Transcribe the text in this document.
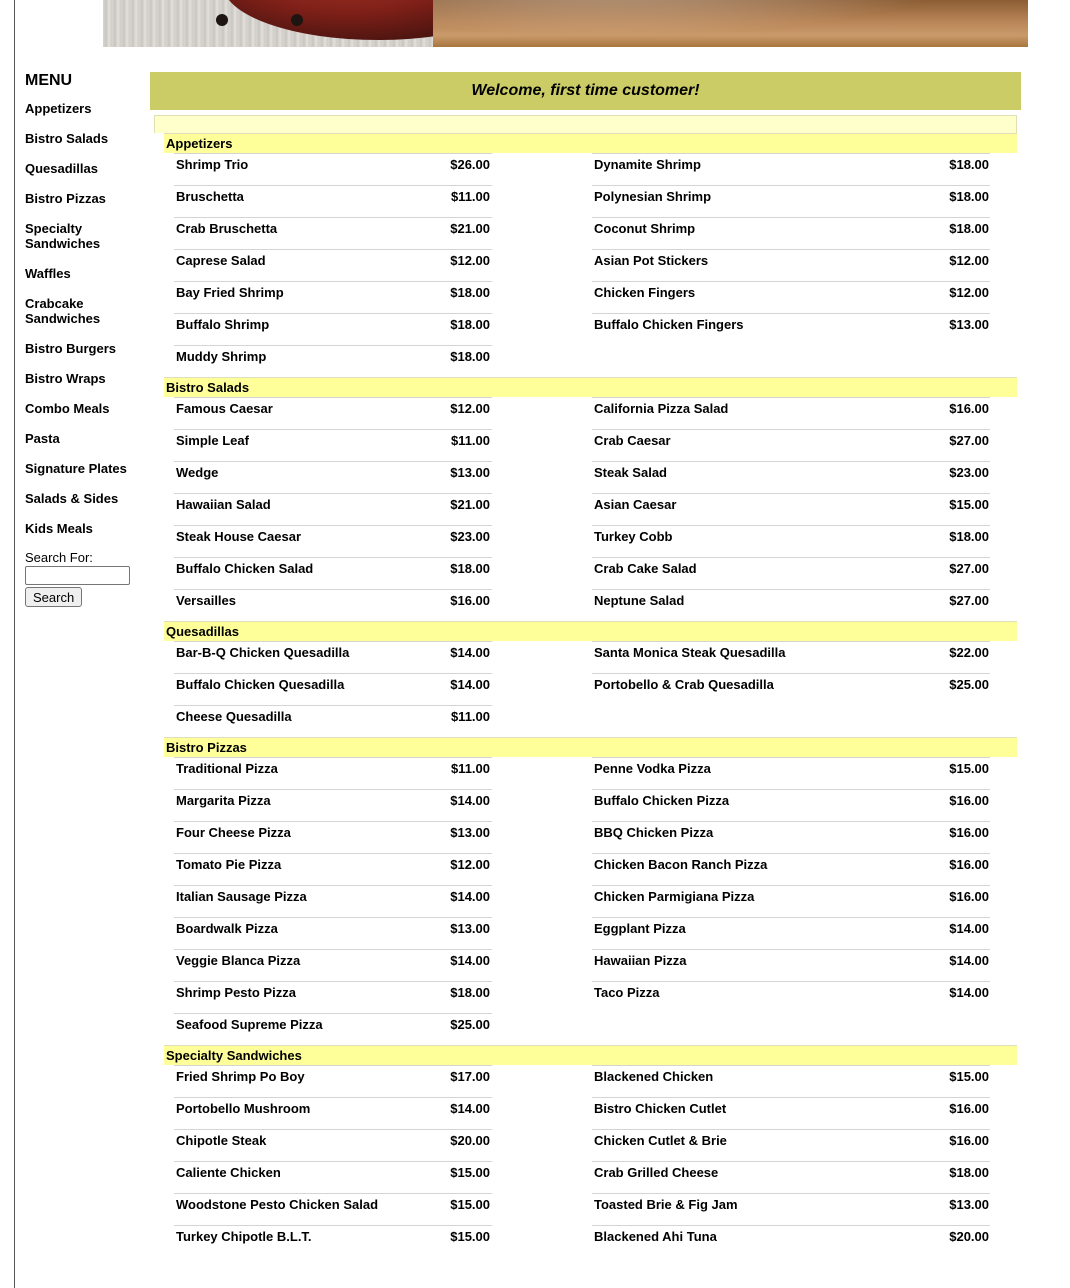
MENU
Appetizers
Bistro Salads
Quesadillas
Bistro Pizzas
Specialty Sandwiches
Waffles
Crabcake Sandwiches
Bistro Burgers
Bistro Wraps
Combo Meals
Pasta
Signature Plates
Salads & Sides
Kids Meals
Search For:
Search
Welcome, first time customer!
Appetizers
Shrimp Trio	$26.00	Dynamite Shrimp	$18.00
Bruschetta	$11.00	Polynesian Shrimp	$18.00
Crab Bruschetta	$21.00	Coconut Shrimp	$18.00
Caprese Salad	$12.00	Asian Pot Stickers	$12.00
Bay Fried Shrimp	$18.00	Chicken Fingers	$12.00
Buffalo Shrimp	$18.00	Buffalo Chicken Fingers	$13.00
Muddy Shrimp	$18.00
Bistro Salads
Famous Caesar	$12.00	California Pizza Salad	$16.00
Simple Leaf	$11.00	Crab Caesar	$27.00
Wedge	$13.00	Steak Salad	$23.00
Hawaiian Salad	$21.00	Asian Caesar	$15.00
Steak House Caesar	$23.00	Turkey Cobb	$18.00
Buffalo Chicken Salad	$18.00	Crab Cake Salad	$27.00
Versailles	$16.00	Neptune Salad	$27.00
Quesadillas
Bar-B-Q Chicken Quesadilla	$14.00	Santa Monica Steak Quesadilla	$22.00
Buffalo Chicken Quesadilla	$14.00	Portobello & Crab Quesadilla	$25.00
Cheese Quesadilla	$11.00
Bistro Pizzas
Traditional Pizza	$11.00	Penne Vodka Pizza	$15.00
Margarita Pizza	$14.00	Buffalo Chicken Pizza	$16.00
Four Cheese Pizza	$13.00	BBQ Chicken Pizza	$16.00
Tomato Pie Pizza	$12.00	Chicken Bacon Ranch Pizza	$16.00
Italian Sausage Pizza	$14.00	Chicken Parmigiana Pizza	$16.00
Boardwalk Pizza	$13.00	Eggplant Pizza	$14.00
Veggie Blanca Pizza	$14.00	Hawaiian Pizza	$14.00
Shrimp Pesto Pizza	$18.00	Taco Pizza	$14.00
Seafood Supreme Pizza	$25.00
Specialty Sandwiches
Fried Shrimp Po Boy	$17.00	Blackened Chicken	$15.00
Portobello Mushroom	$14.00	Bistro Chicken Cutlet	$16.00
Chipotle Steak	$20.00	Chicken Cutlet & Brie	$16.00
Caliente Chicken	$15.00	Crab Grilled Cheese	$18.00
Woodstone Pesto Chicken Salad	$15.00	Toasted Brie & Fig Jam	$13.00
Turkey Chipotle B.L.T.	$15.00	Blackened Ahi Tuna	$20.00
